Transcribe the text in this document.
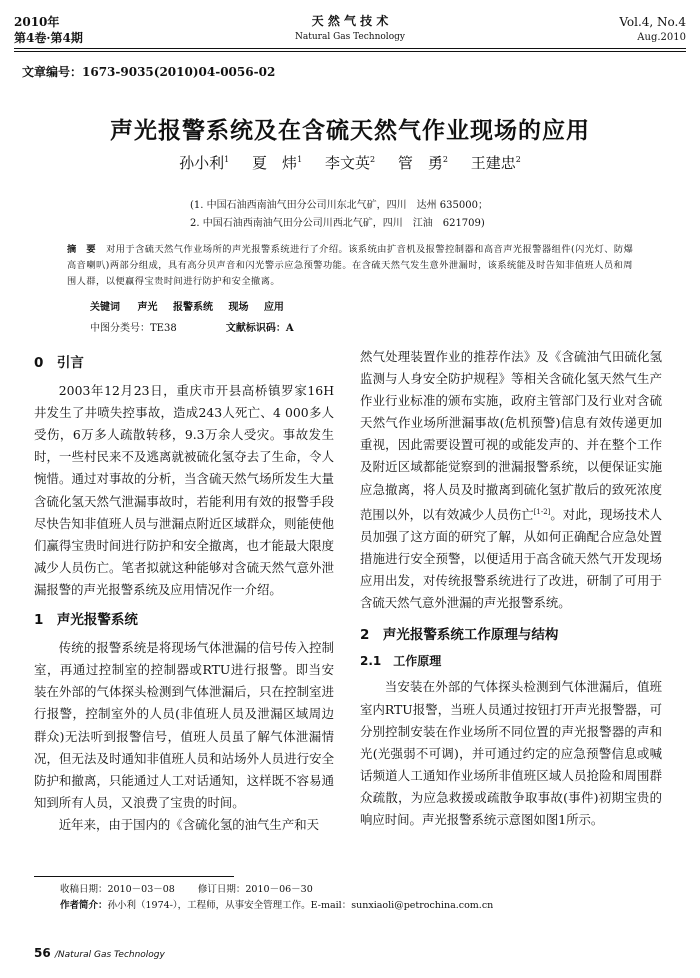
2010年
第4卷·第4期
天 然 气 技 术
Natural Gas Technology
Vol.4, No.4
Aug.2010
文章编号：1673-9035(2010)04-0056-02
声光报警系统及在含硫天然气作业现场的应用
孙小利$^1$ 夏　炜$^1$ 李文英$^2$ 管　勇$^2$ 王建忠$^2$
(1. 中国石油西南油气田分公司川东北气矿，四川　达州 635000；
2. 中国石油西南油气田分公司川西北气矿，四川　江油　621709)
摘　要 对用于含硫天然气作业场所的声光报警系统进行了介绍。该系统由扩音机及报警控制器和高音声光报警器组件(闪光灯、防爆高音喇叭)两部分组成，具有高分贝声音和闪光警示应急预警功能。在含硫天然气发生意外泄漏时，该系统能及时告知非值班人员和周围人群，以便赢得宝贵时间进行防护和安全撤离。
关键词 声光 报警系统 现场 应用
中图分类号：TE38	文献标识码：A
0　引言

2003年12月23日，重庆市开县高桥镇罗家16H井发生了井喷失控事故，造成243人死亡、4 000多人受伤，6万多人疏散转移，9.3万余人受灾。事故发生时，一些村民来不及逃离就被硫化氢夺去了生命，令人惋惜。通过对事故的分析，当含硫天然气场所发生大量含硫化氢天然气泄漏事故时，若能利用有效的报警手段尽快告知非值班人员与泄漏点附近区域群众，则能使他们赢得宝贵时间进行防护和安全撤离，也才能最大限度减少人员伤亡。笔者拟就这种能够对含硫天然气意外泄漏报警的声光报警系统及应用情况作一介绍。

1　声光报警系统

传统的报警系统是将现场气体泄漏的信号传入控制室，再通过控制室的控制器或RTU进行报警。即当安装在外部的气体探头检测到气体泄漏后，只在控制室进行报警，控制室外的人员(非值班人员及泄漏区域周边群众)无法听到报警信号，值班人员虽了解气体泄漏情况，但无法及时通知非值班人员和站场外人员进行安全防护和撤离，只能通过人工对话通知，这样既不容易通知到所有人员，又浪费了宝贵的时间。

近年来，由于国内的《含硫化氢的油气生产和天

然气处理装置作业的推荐作法》及《含硫油气田硫化氢监测与人身安全防护规程》等相关含硫化氢天然气生产作业行业标准的颁布实施，政府主管部门及行业对含硫天然气作业场所泄漏事故(危机预警)信息有效传递更加重视，因此需要设置可视的或能发声的、并在整个工作及附近区域都能觉察到的泄漏报警系统，以便保证实施应急撤离，将人员及时撤离到硫化氢扩散后的致死浓度范围以外，以有效减少人员伤亡[1-2]。对此，现场技术人员加强了这方面的研究了解，从如何正确配合应急处置措施进行安全预警，以便适用于高含硫天然气开发现场应用出发，对传统报警系统进行了改进，研制了可用于含硫天然气意外泄漏的声光报警系统。

2　声光报警系统工作原理与结构
2.1　工作原理

当安装在外部的气体探头检测到气体泄漏后，值班室内RTU报警，当班人员通过按钮打开声光报警器，可分别控制安装在作业场所不同位置的声光报警器的声和光(光强弱不可调)，并可通过约定的应急预警信息或喊话频道人工通知作业场所非值班区域人员抢险和周围群众疏散，为应急救援或疏散争取事故(事件)初期宝贵的响应时间。声光报警系统示意图如图1所示。

收稿日期：2010－03－08 修订日期：2010－06－30
作者简介：孙小利（1974-），工程师，从事安全管理工作。E-mail：sunxiaoli@petrochina.com.cn
56 /Natural Gas Technology
